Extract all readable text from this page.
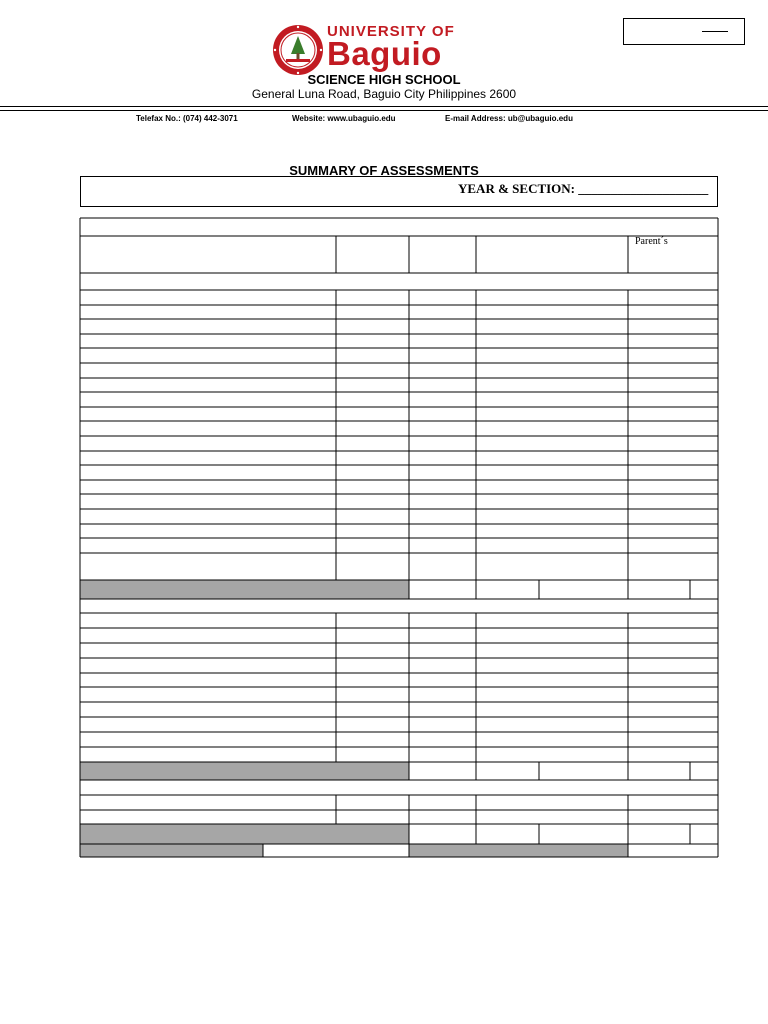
UNIVERSITY OF
Baguio
SCIENCE HIGH SCHOOL
General Luna Road, Baguio City Philippines 2600
Telefax No.: (074) 442-3071	Website: www.ubaguio.edu	E-mail Address: ub@ubaguio.edu
SUMMARY OF ASSESSMENTS
YEAR & SECTION: ____________________
Parent´s
